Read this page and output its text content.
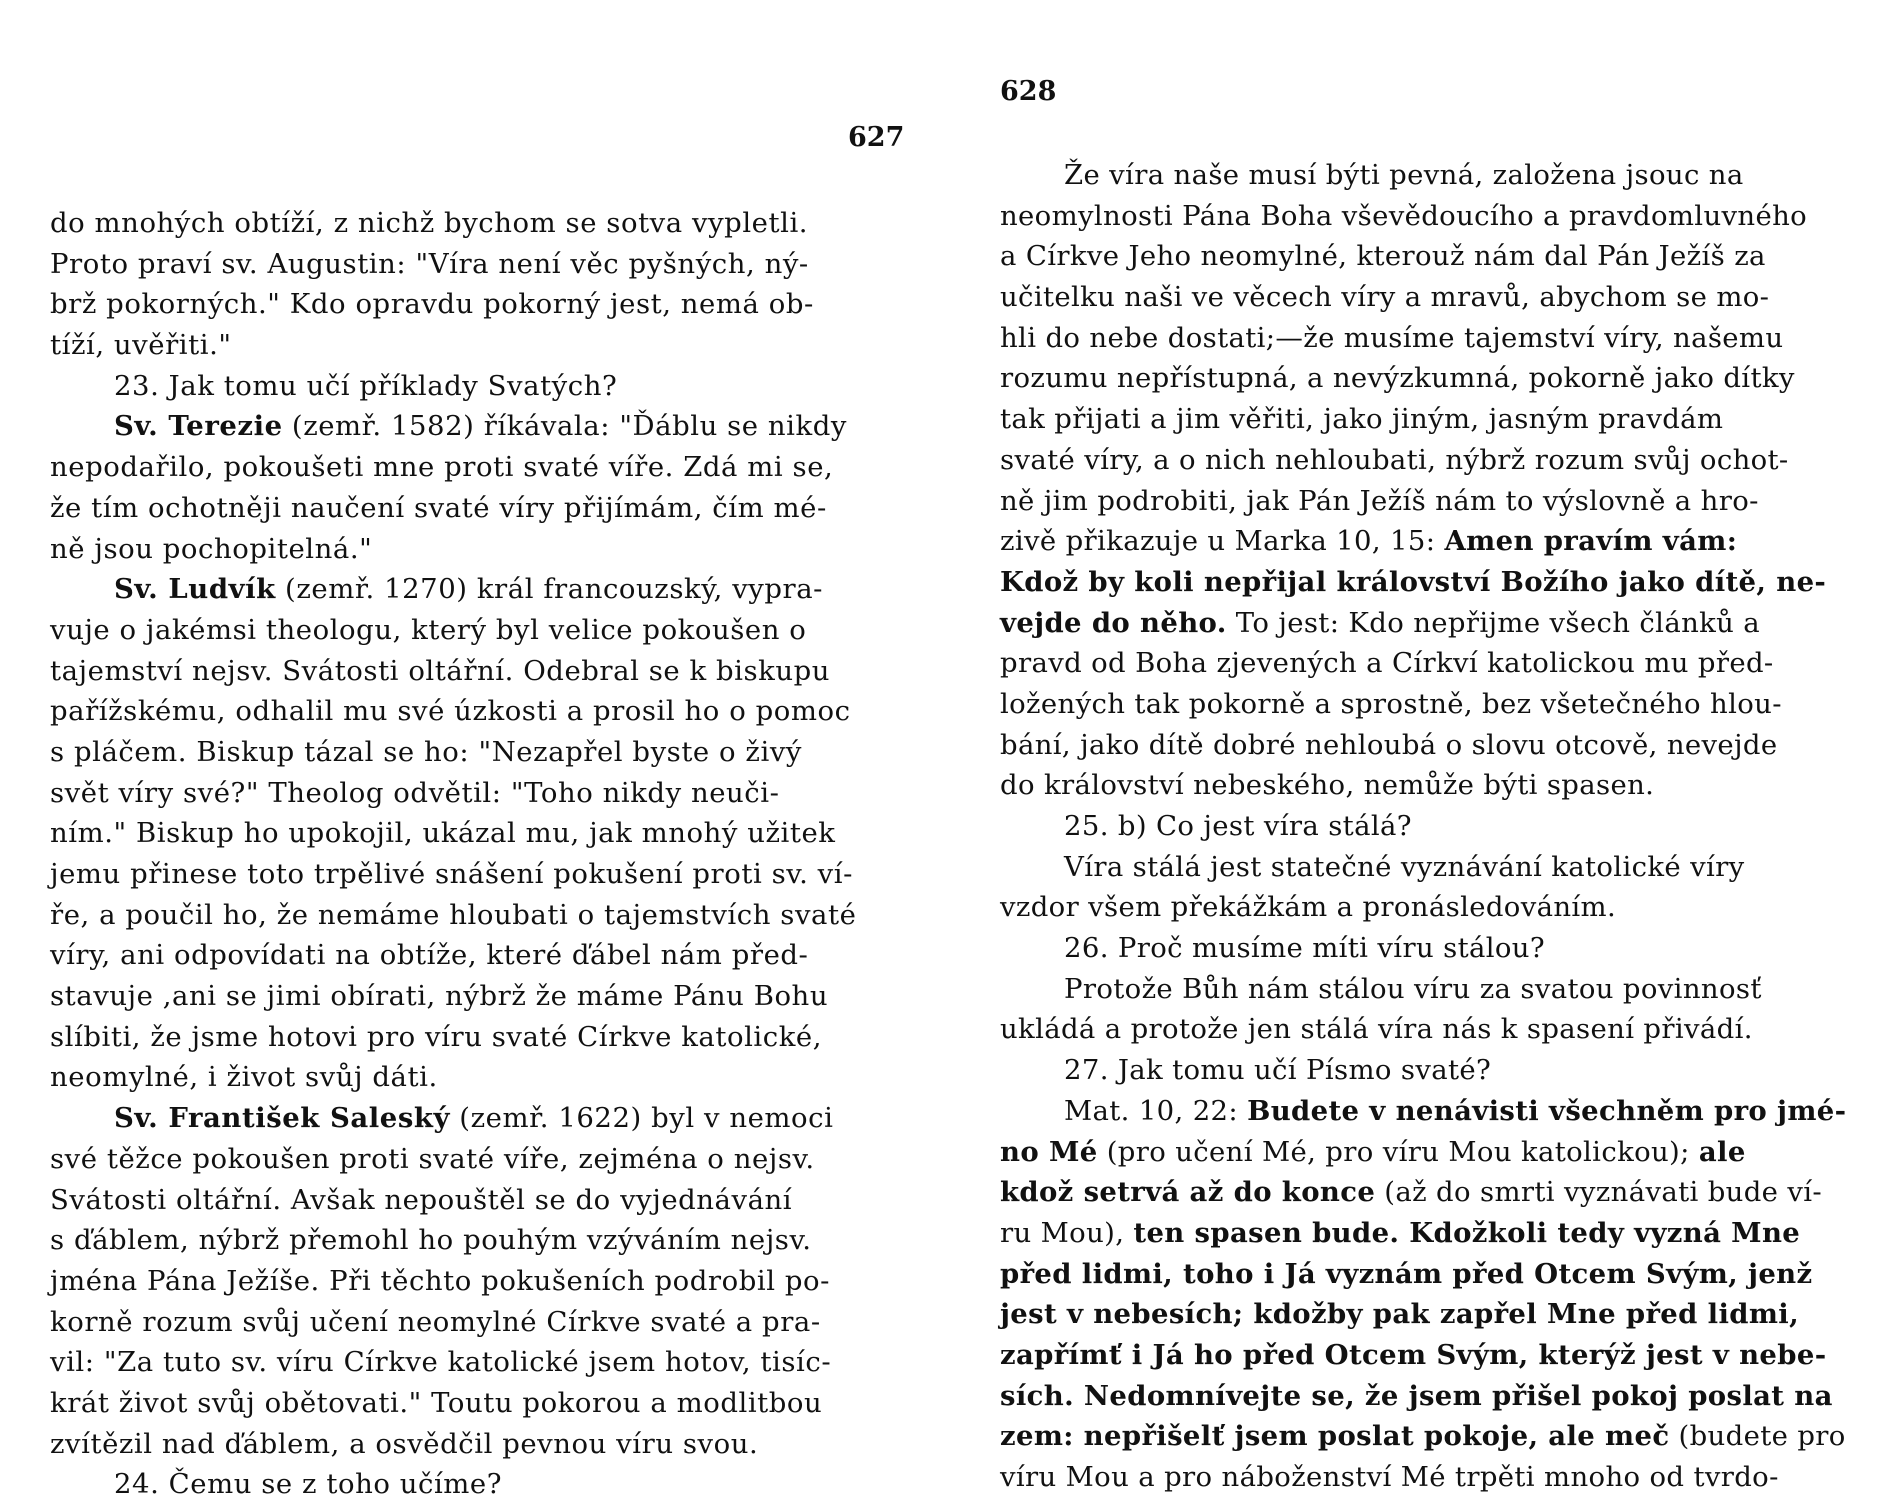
627
do mnohých obtíží, z nichž bychom se sotva vypletli.
Proto praví sv. Augustin: "Víra není věc pyšných, ný-
brž pokorných." Kdo opravdu pokorný jest, nemá ob-
tíží, uvěřiti."
23. Jak tomu učí příklady Svatých?
Sv. Terezie (zemř. 1582) říkávala: "Ďáblu se nikdy
nepodařilo, pokoušeti mne proti svaté víře. Zdá mi se,
že tím ochotněji naučení svaté víry přijímám, čím mé-
ně jsou pochopitelná."
Sv. Ludvík (zemř. 1270) král francouzský, vypra-
vuje o jakémsi theologu, který byl velice pokoušen o
tajemství nejsv. Svátosti oltářní. Odebral se k biskupu
pařížskému, odhalil mu své úzkosti a prosil ho o pomoc
s pláčem. Biskup tázal se ho: "Nezapřel byste o živý
svět víry své?" Theolog odvětil: "Toho nikdy neuči-
ním." Biskup ho upokojil, ukázal mu, jak mnohý užitek
jemu přinese toto trpělivé snášení pokušení proti sv. ví-
ře, a poučil ho, že nemáme hloubati o tajemstvích svaté
víry, ani odpovídati na obtíže, které ďábel nám před-
stavuje ,ani se jimi obírati, nýbrž že máme Pánu Bohu
slíbiti, že jsme hotovi pro víru svaté Církve katolické,
neomylné, i život svůj dáti.
Sv. František Saleský (zemř. 1622) byl v nemoci
své těžce pokoušen proti svaté víře, zejména o nejsv.
Svátosti oltářní. Avšak nepouštěl se do vyjednávání
s ďáblem, nýbrž přemohl ho pouhým vzýváním nejsv.
jména Pána Ježíše. Při těchto pokušeních podrobil po-
korně rozum svůj učení neomylné Církve svaté a pra-
vil: "Za tuto sv. víru Církve katolické jsem hotov, tisíc-
krát život svůj obětovati." Toutu pokorou a modlitbou
zvítězil nad ďáblem, a osvědčil pevnou víru svou.
24. Čemu se z toho učíme?
628
Že víra naše musí býti pevná, založena jsouc na
neomylnosti Pána Boha vševědoucího a pravdomluvného
a Církve Jeho neomylné, kterouž nám dal Pán Ježíš za
učitelku naši ve věcech víry a mravů, abychom se mo-
hli do nebe dostati;—že musíme tajemství víry, našemu
rozumu nepřístupná, a nevýzkumná, pokorně jako dítky
tak přijati a jim věřiti, jako jiným, jasným pravdám
svaté víry, a o nich nehloubati, nýbrž rozum svůj ochot-
ně jim podrobiti, jak Pán Ježíš nám to výslovně a hro-
zivě přikazuje u Marka 10, 15: Amen pravím vám:
Kdož by koli nepřijal království Božího jako dítě, ne-
vejde do něho. To jest: Kdo nepřijme všech článků a
pravd od Boha zjevených a Církví katolickou mu před-
ložených tak pokorně a sprostně, bez všetečného hlou-
bání, jako dítě dobré nehloubá o slovu otcově, nevejde
do království nebeského, nemůže býti spasen.
25. b) Co jest víra stálá?
Víra stálá jest statečné vyznávání katolické víry
vzdor všem překážkám a pronásledováním.
26. Proč musíme míti víru stálou?
Protože Bůh nám stálou víru za svatou povinnosť
ukládá a protože jen stálá víra nás k spasení přivádí.
27. Jak tomu učí Písmo svaté?
Mat. 10, 22: Budete v nenávisti všechněm pro jmé-
no Mé (pro učení Mé, pro víru Mou katolickou); ale
kdož setrvá až do konce (až do smrti vyznávati bude ví-
ru Mou), ten spasen bude. Kdožkoli tedy vyzná Mne
před lidmi, toho i Já vyznám před Otcem Svým, jenž
jest v nebesích; kdožby pak zapřel Mne před lidmi,
zapřímť i Já ho před Otcem Svým, kterýž jest v nebe-
sích. Nedomnívejte se, že jsem přišel pokoj poslat na
zem: nepřišelť jsem poslat pokoje, ale meč (budete pro
víru Mou a pro náboženství Mé trpěti mnoho od tvrdo-
